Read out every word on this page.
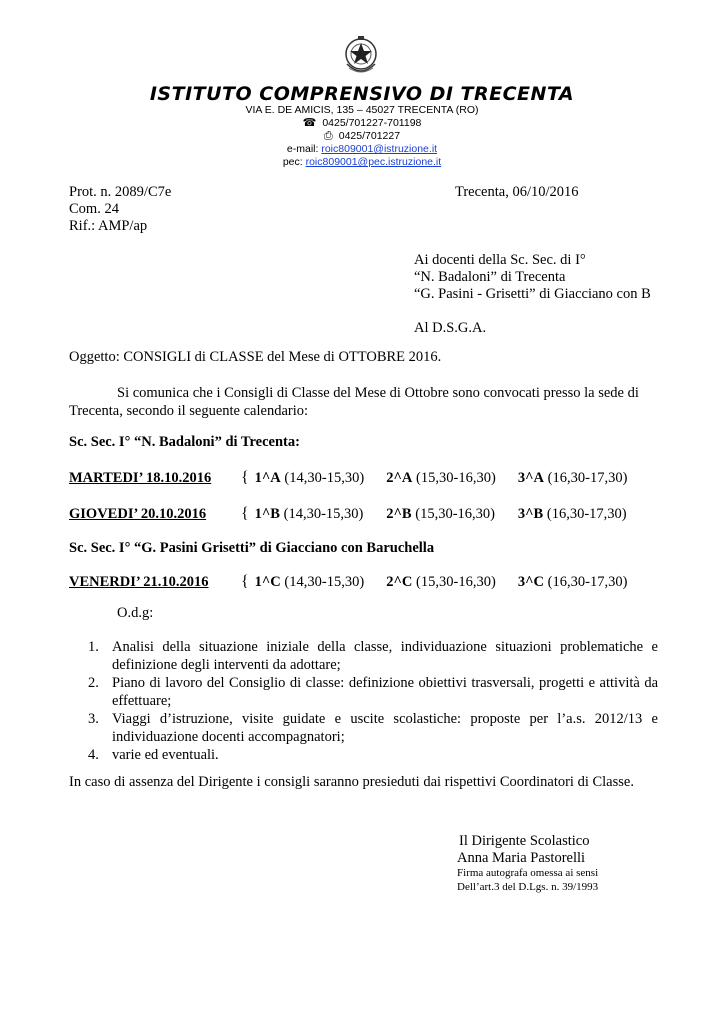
ISTITUTO COMPRENSIVO DI TRECENTA
VIA E. DE AMICIS, 135 – 45027 TRECENTA (RO)
☎ 0425/701227-701198
⎙ 0425/701227
e-mail: roic809001@istruzione.it
pec: roic809001@pec.istruzione.it
Prot. n. 2089/C7e
Com. 24
Rif.: AMP/ap
Trecenta, 06/10/2016
Ai docenti della Sc. Sec. di I°
“N. Badaloni” di Trecenta
“G. Pasini - Grisetti” di Giacciano con B
Al D.S.G.A.
Oggetto: CONSIGLI di CLASSE del Mese di OTTOBRE 2016.
Si comunica che i Consigli di Classe del Mese di Ottobre sono convocati presso la sede di
Trecenta, secondo il seguente calendario:
Sc. Sec. I° “N. Badaloni” di Trecenta:
MARTEDI’ 18.10.2016 { 1^A (14,30-15,30) 2^A (15,30-16,30) 3^A (16,30-17,30)
GIOVEDI’ 20.10.2016 { 1^B (14,30-15,30) 2^B (15,30-16,30) 3^B (16,30-17,30)
Sc. Sec. I° “G. Pasini Grisetti” di Giacciano con Baruchella
VENERDI’ 21.10.2016 { 1^C (14,30-15,30) 2^C (15,30-16,30) 3^C (16,30-17,30)
O.d.g:
1. Analisi della situazione iniziale della classe, individuazione situazioni problematiche e definizione degli interventi da adottare;
2. Piano di lavoro del Consiglio di classe: definizione obiettivi trasversali, progetti e attività da effettuare;
3. Viaggi d’istruzione, visite guidate e uscite scolastiche: proposte per l’a.s. 2012/13 e individuazione docenti accompagnatori;
4. varie ed eventuali.
In caso di assenza del Dirigente i consigli saranno presieduti dai rispettivi Coordinatori di Classe.
Il Dirigente Scolastico
Anna Maria Pastorelli
Firma autografa omessa ai sensi
Dell’art.3 del D.Lgs. n. 39/1993
